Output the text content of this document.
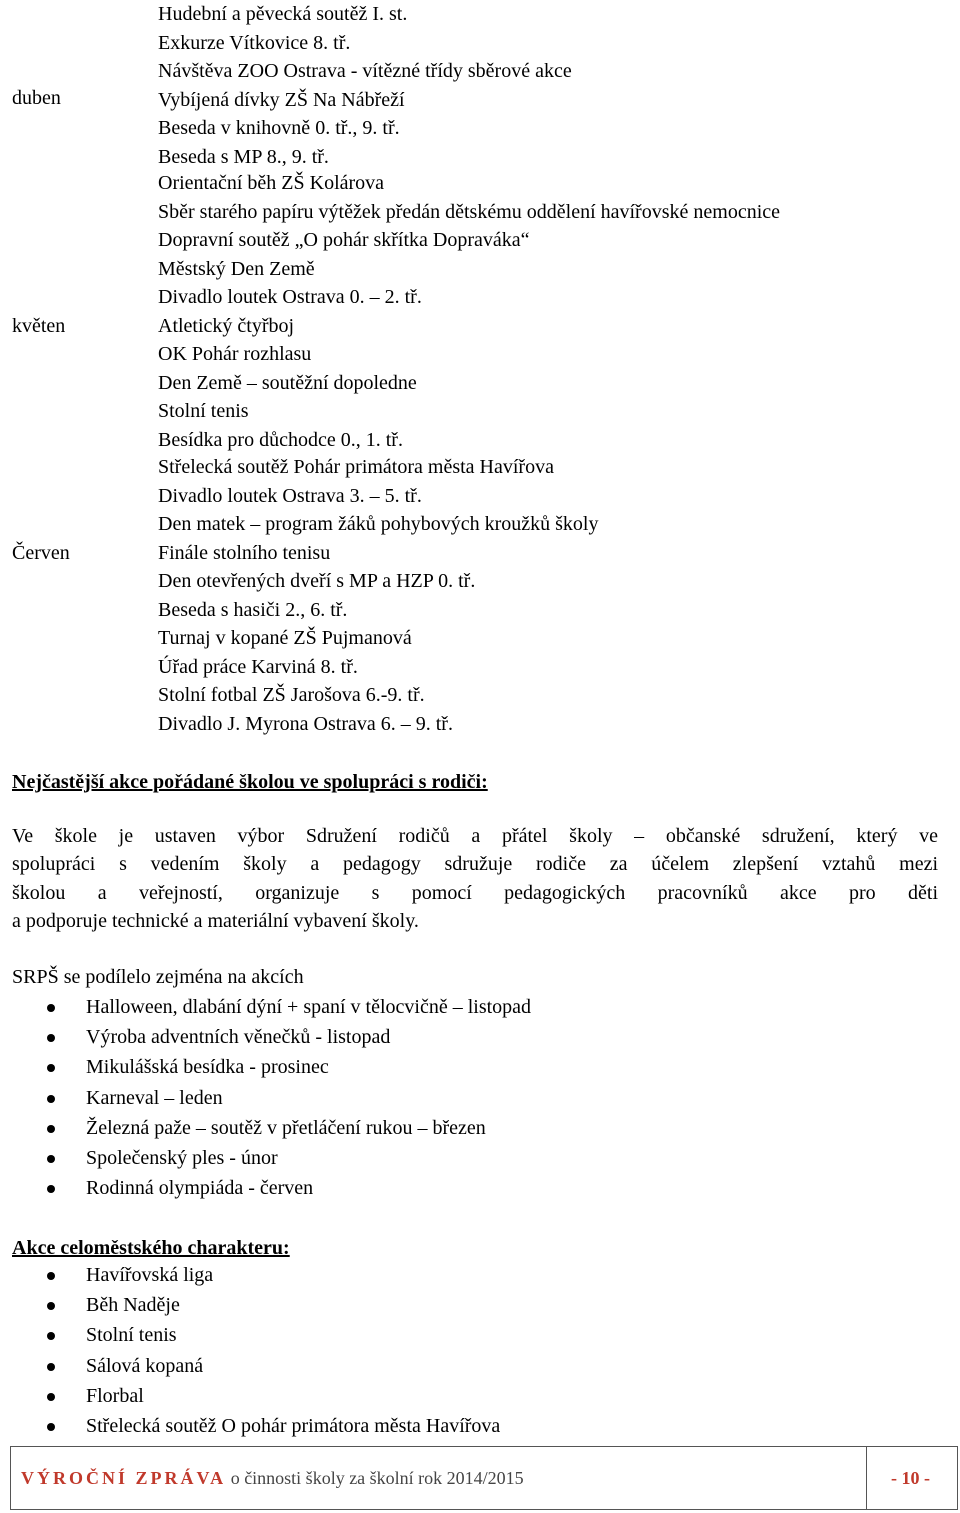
duben
Hudební a pěvecká soutěž I. st.
Exkurze Vítkovice 8. tř.
Návštěva ZOO Ostrava - vítězné třídy sběrové akce
Vybíjená dívky ZŠ Na Nábřeží
Beseda v knihovně 0. tř., 9. tř.
Beseda s MP 8., 9. tř.
květen
Orientační běh ZŠ Kolárova
Sběr starého papíru výtěžek předán dětskému oddělení havířovské nemocnice
Dopravní soutěž „O pohár skřítka Dopraváka“
Městský Den Země
Divadlo loutek Ostrava 0. – 2. tř.
Atletický čtyřboj
OK Pohár rozhlasu
Den Země – soutěžní dopoledne
Stolní tenis
Besídka pro důchodce 0., 1. tř.
Červen
Střelecká soutěž Pohár primátora města Havířova
Divadlo loutek Ostrava 3. – 5. tř.
Den matek – program žáků pohybových kroužků školy
Finále stolního tenisu
Den otevřených dveří s MP a HZP 0. tř.
Beseda s hasiči 2., 6. tř.
Turnaj v kopané ZŠ Pujmanová
Úřad práce Karviná 8. tř.
Stolní fotbal ZŠ Jarošova 6.-9. tř.
Divadlo J. Myrona Ostrava 6. – 9. tř.
Nejčastější akce pořádané školou ve spolupráci s rodiči:
Ve škole je ustaven výbor Sdružení rodičů a přátel školy – občanské sdružení, který ve
spolupráci s vedením školy a pedagogy sdružuje rodiče za účelem zlepšení vztahů mezi
školou a veřejností, organizuje s pomocí pedagogických pracovníků akce pro děti
a podporuje technické a materiální vybavení školy.
SRPŠ se podílelo zejména na akcích
Halloween, dlabání dýní + spaní v tělocvičně – listopad
Výroba adventních věnečků - listopad
Mikulášská besídka - prosinec
Karneval – leden
Železná paže – soutěž v přetláčení rukou – březen
Společenský ples - únor
Rodinná olympiáda - červen
Akce celoměstského charakteru:
Havířovská liga
Běh Naděje
Stolní tenis
Sálová kopaná
Florbal
Střelecká soutěž O pohár primátora města Havířova
VÝROČNÍ ZPRÁVA o činnosti školy za školní rok 2014/2015	- 10 -
